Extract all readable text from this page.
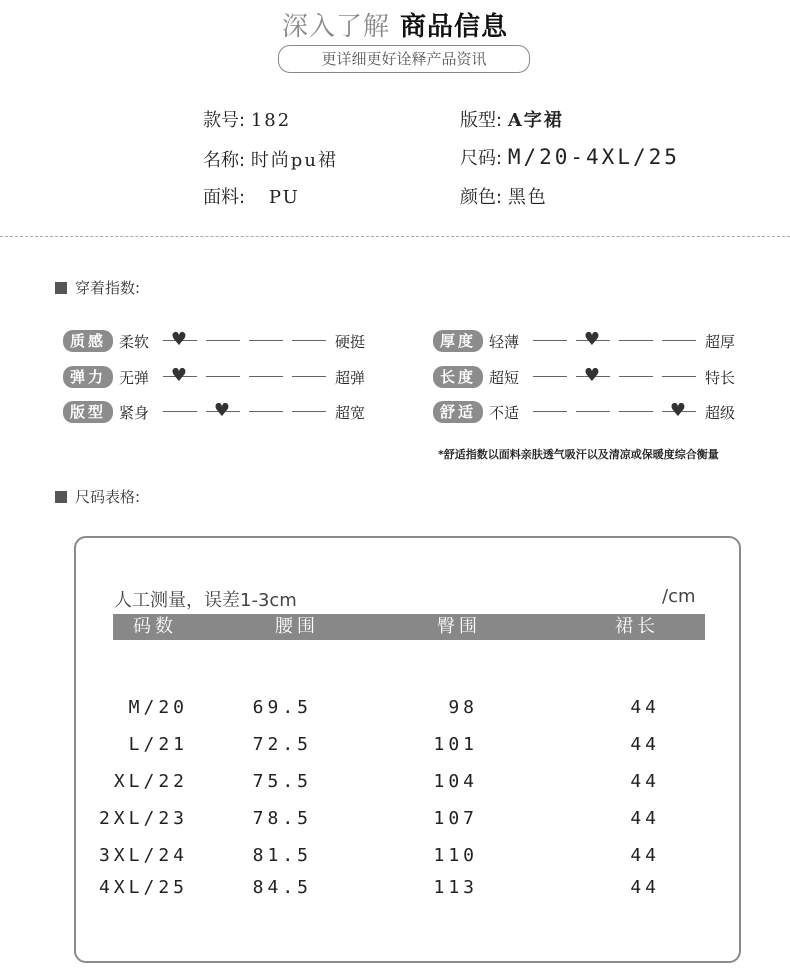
深入了解 商品信息
更详细更好诠释产品资讯
款号: 182	版型: A字裙
名称: 时尚pu裙	尺码: M/20-4XL/25
面料: PU	颜色: 黑色
穿着指数:
质感 柔软	♥	硬挺	厚度 轻薄	♥	超厚
弹力 无弹	♥	超弹	长度 超短	♥	特长
版型 紧身	♥	超宽	舒适 不适	♥ 超级
*舒适指数以面料亲肤透气吸汗以及清凉或保暖度综合衡量
尺码表格:
人工测量，误差1-3cm	/cm
码数	腰围	臀围	裙长
M/20	69.5	98	44
L/21	72.5	101	44
XL/22	75.5	104	44
2XL/23	78.5	107	44
3XL/24	81.5	110	44
4XL/25	84.5	113	44
